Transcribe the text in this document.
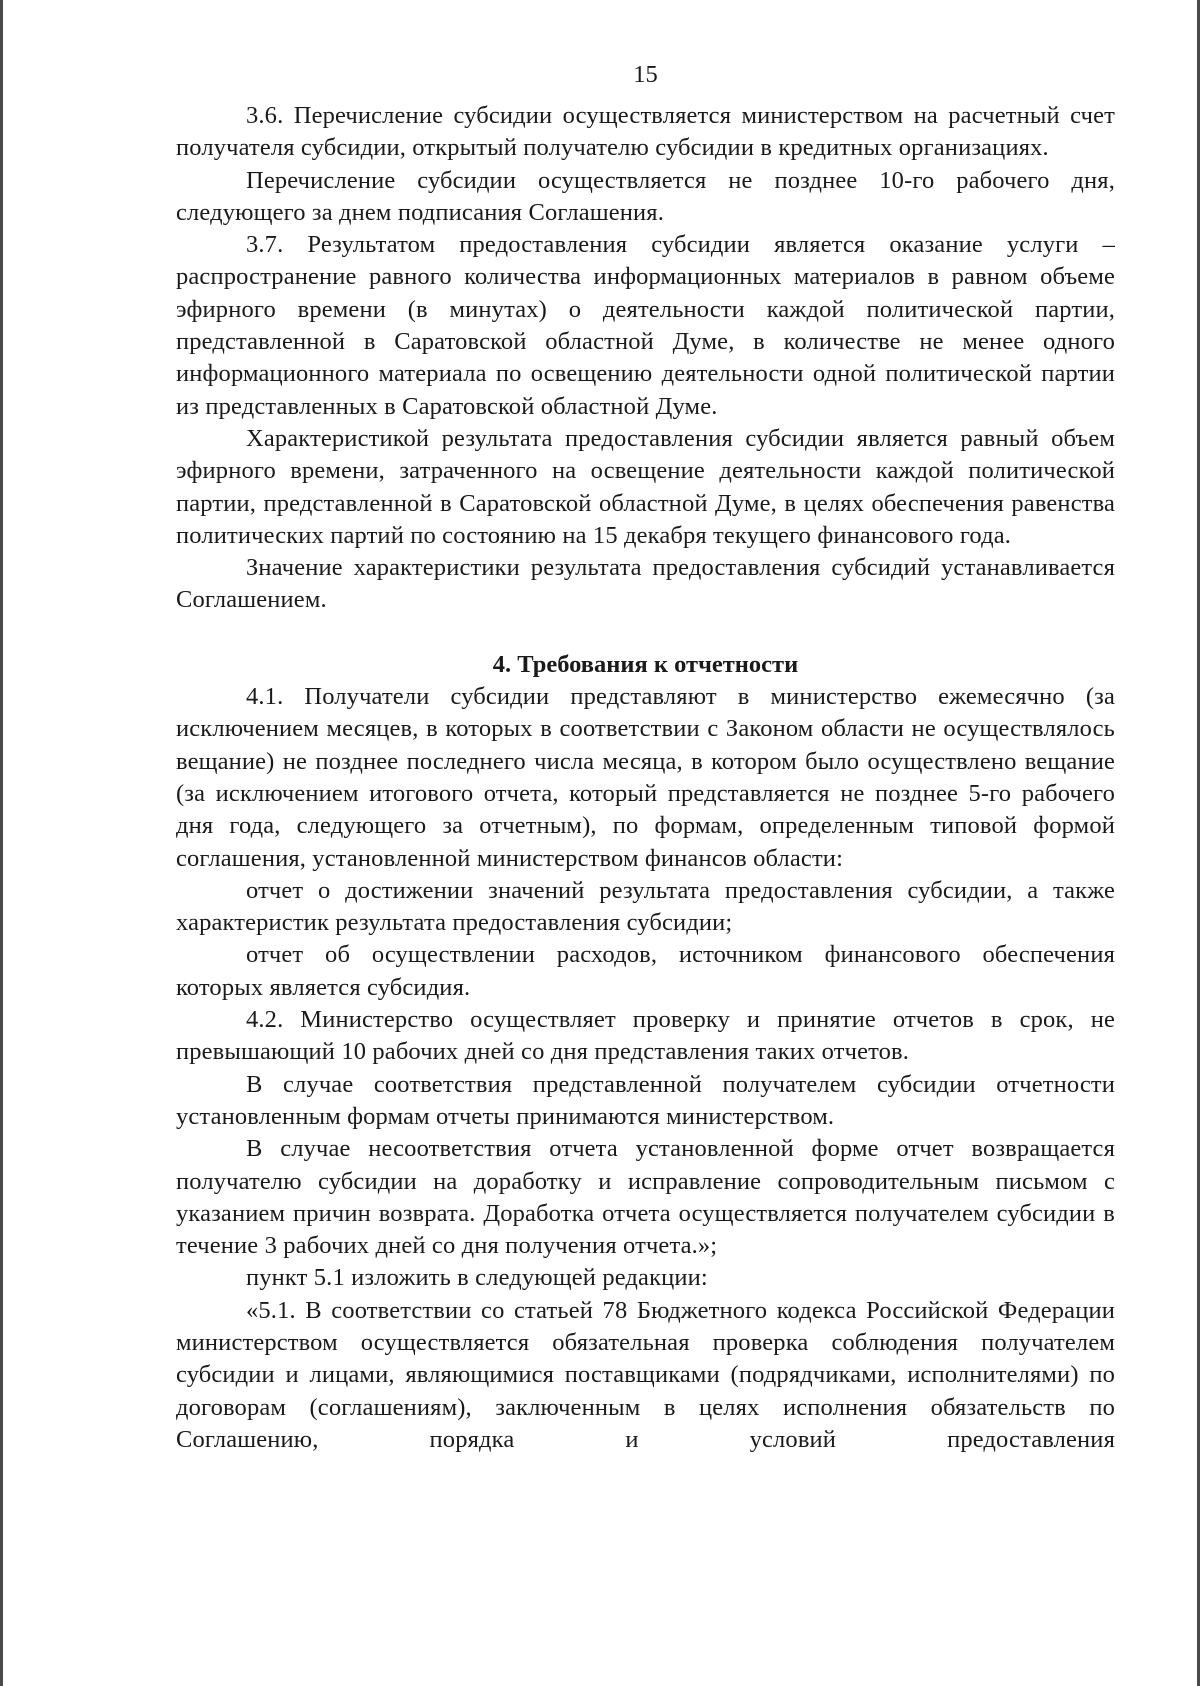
15

3.6. Перечисление субсидии осуществляется министерством на расчетный счет получателя субсидии, открытый получателю субсидии в кредитных организациях.

Перечисление субсидии осуществляется не позднее 10-го рабочего дня, следующего за днем подписания Соглашения.

3.7. Результатом предоставления субсидии является оказание услуги – распространение равного количества информационных материалов в равном объеме эфирного времени (в минутах) о деятельности каждой политической партии, представленной в Саратовской областной Думе, в количестве не менее одного информационного материала по освещению деятельности одной политической партии из представленных в Саратовской областной Думе.

Характеристикой результата предоставления субсидии является равный объем эфирного времени, затраченного на освещение деятельности каждой политической партии, представленной в Саратовской областной Думе, в целях обеспечения равенства политических партий по состоянию на 15 декабря текущего финансового года.

Значение характеристики результата предоставления субсидий устанавливается Соглашением.

4. Требования к отчетности

4.1. Получатели субсидии представляют в министерство ежемесячно (за исключением месяцев, в которых в соответствии с Законом области не осуществлялось вещание) не позднее последнего числа месяца, в котором было осуществлено вещание (за исключением итогового отчета, который представляется не позднее 5-го рабочего дня года, следующего за отчетным), по формам, определенным типовой формой соглашения, установленной министерством финансов области:

отчет о достижении значений результата предоставления субсидии, а также характеристик результата предоставления субсидии;

отчет об осуществлении расходов, источником финансового обеспечения которых является субсидия.

4.2. Министерство осуществляет проверку и принятие отчетов в срок, не превышающий 10 рабочих дней со дня представления таких отчетов.

В случае соответствия представленной получателем субсидии отчетности установленным формам отчеты принимаются министерством.

В случае несоответствия отчета установленной форме отчет возвращается получателю субсидии на доработку и исправление сопроводительным письмом с указанием причин возврата. Доработка отчета осуществляется получателем субсидии в течение 3 рабочих дней со дня получения отчета.»;

пункт 5.1 изложить в следующей редакции:

«5.1. В соответствии со статьей 78 Бюджетного кодекса Российской Федерации министерством осуществляется обязательная проверка соблюдения получателем субсидии и лицами, являющимися поставщиками (подрядчиками, исполнителями) по договорам (соглашениям), заключенным в целях исполнения обязательств по Соглашению, порядка и условий предоставления
